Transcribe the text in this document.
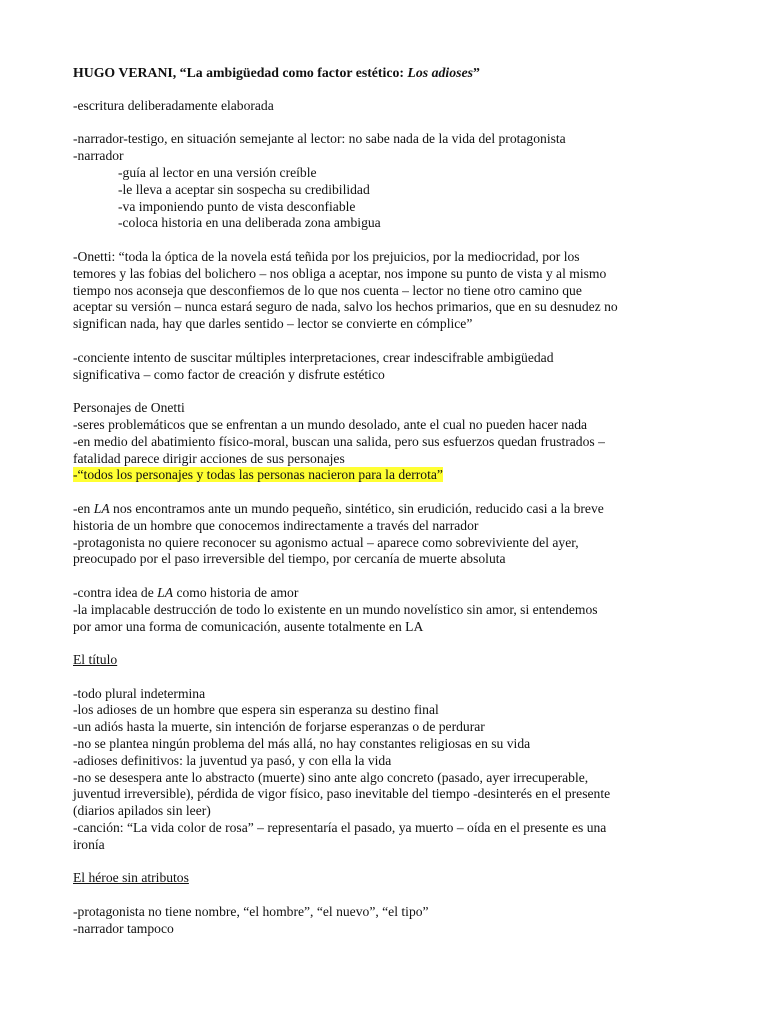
HUGO VERANI, “La ambigüedad como factor estético: Los adioses”
-escritura deliberadamente elaborada
-narrador-testigo, en situación semejante al lector: no sabe nada de la vida del protagonista
-narrador
-guía al lector en una versión creíble
-le lleva a aceptar sin sospecha su credibilidad
-va imponiendo punto de vista desconfiable
-coloca historia en una deliberada zona ambigua
-Onetti: “toda la óptica de la novela está teñida por los prejuicios, por la mediocridad, por los
temores y las fobias del bolichero – nos obliga a aceptar, nos impone su punto de vista y al mismo
tiempo nos aconseja que desconfiemos de lo que nos cuenta – lector no tiene otro camino que
aceptar su versión – nunca estará seguro de nada, salvo los hechos primarios, que en su desnudez no
significan nada, hay que darles sentido – lector se convierte en cómplice”
-conciente intento de suscitar múltiples interpretaciones, crear indescifrable ambigüedad
significativa – como factor de creación y disfrute estético
Personajes de Onetti
-seres problemáticos que se enfrentan a un mundo desolado, ante el cual no pueden hacer nada
-en medio del abatimiento físico-moral, buscan una salida, pero sus esfuerzos quedan frustrados –
fatalidad parece dirigir acciones de sus personajes
-“todos los personajes y todas las personas nacieron para la derrota”
-en LA nos encontramos ante un mundo pequeño, sintético, sin erudición, reducido casi a la breve
historia de un hombre que conocemos indirectamente a través del narrador
-protagonista no quiere reconocer su agonismo actual – aparece como sobreviviente del ayer,
preocupado por el paso irreversible del tiempo, por cercanía de muerte absoluta
-contra idea de LA como historia de amor
-la implacable destrucción de todo lo existente en un mundo novelístico sin amor, si entendemos
por amor una forma de comunicación, ausente totalmente en LA
El título
-todo plural indetermina
-los adioses de un hombre que espera sin esperanza su destino final
-un adiós hasta la muerte, sin intención de forjarse esperanzas o de perdurar
-no se plantea ningún problema del más allá, no hay constantes religiosas en su vida
-adioses definitivos: la juventud ya pasó, y con ella la vida
-no se desespera ante lo abstracto (muerte) sino ante algo concreto (pasado, ayer irrecuperable,
juventud irreversible), pérdida de vigor físico, paso inevitable del tiempo -desinterés en el presente
(diarios apilados sin leer)
-canción: “La vida color de rosa” – representaría el pasado, ya muerto – oída en el presente es una
ironía
El héroe sin atributos
-protagonista no tiene nombre, “el hombre”, “el nuevo”, “el tipo”
-narrador tampoco
